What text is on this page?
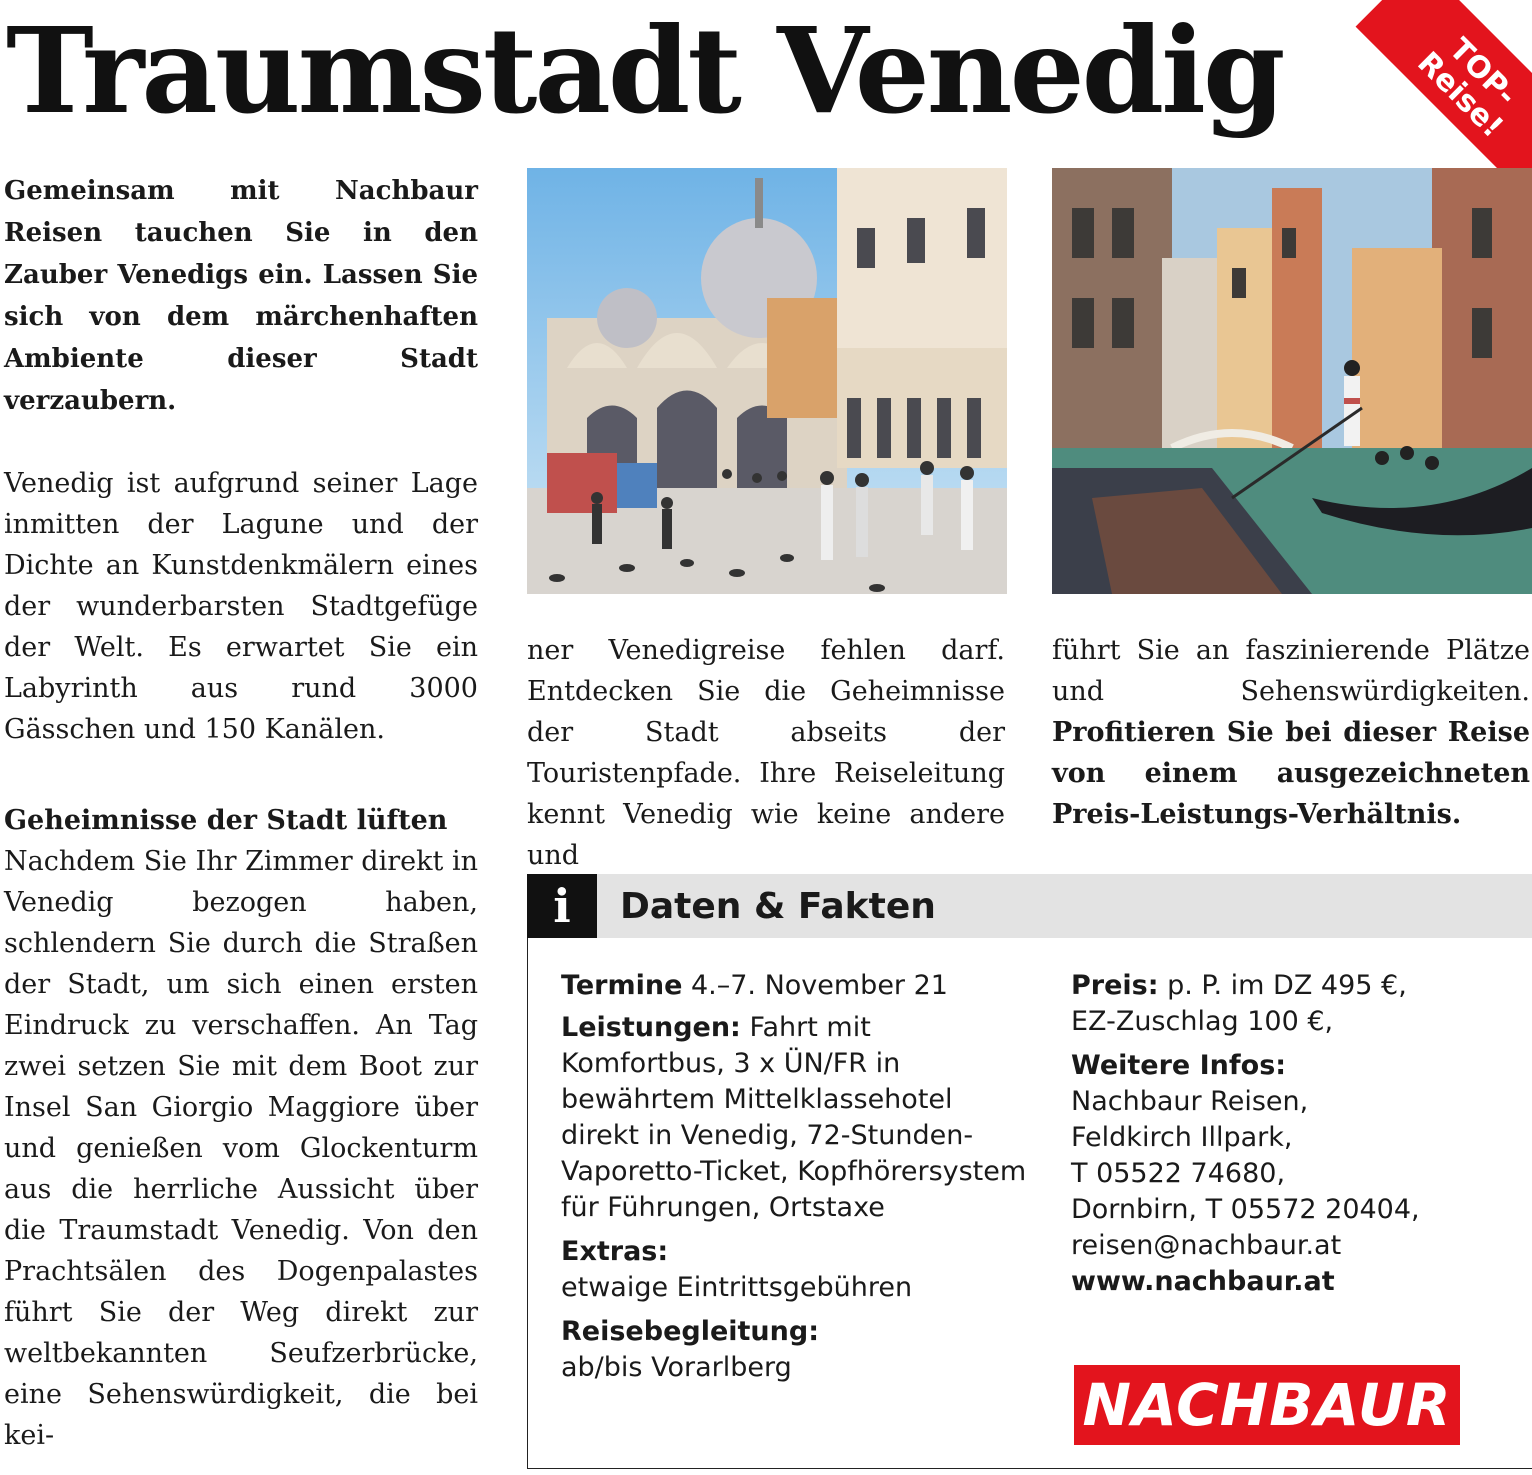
Traumstadt Venedig	TOP-Reise!
Gemeinsam mit Nachbaur Reisen tauchen Sie in den Zauber Venedigs ein. Lassen Sie sich von dem märchenhaften Ambiente dieser Stadt verzaubern.
Venedig ist aufgrund seiner Lage inmitten der Lagune und der Dichte an Kunstdenkmälern eines der wunderbarsten Stadtgefüge der Welt. Es erwartet Sie ein Labyrinth aus rund 3000 Gässchen und 150 Kanälen.
Geheimnisse der Stadt lüften
Nachdem Sie Ihr Zimmer direkt in Venedig bezogen haben, schlendern Sie durch die Straßen der Stadt, um sich einen ersten Eindruck zu verschaffen. An Tag zwei setzen Sie mit dem Boot zur Insel San Giorgio Maggiore über und genießen vom Glockenturm aus die herrliche Aussicht über die Traumstadt Venedig. Von den Prachtsälen des Dogenpalastes führt Sie der Weg direkt zur weltbekannten Seufzerbrücke, eine Sehenswürdigkeit, die bei kei-
ner Venedigreise fehlen darf. Entdecken Sie die Geheimnisse der Stadt abseits der Touristenpfade. Ihre Reiseleitung kennt Venedig wie keine andere und
führt Sie an faszinierende Plätze und Sehenswürdigkeiten. Profitieren Sie bei dieser Reise von einem ausgezeichneten Preis-Leistungs-Verhältnis.
i	Daten & Fakten
Termine 4.–7. November 21
Leistungen: Fahrt mit Komfortbus, 3 x ÜN/FR in bewährtem Mittelklassehotel direkt in Venedig, 72-Stunden-Vaporetto-Ticket, Kopfhörersystem für Führungen, Ortstaxe
Extras:
etwaige Eintrittsgebühren
Reisebegleitung:
ab/bis Vorarlberg
Preis: p. P. im DZ 495 €,
EZ-Zuschlag 100 €,
Weitere Infos:
Nachbaur Reisen,
Feldkirch Illpark,
T 05522 74680,
Dornbirn, T 05572 20404,
reisen@nachbaur.at
www.nachbaur.at
NACHBAUR
